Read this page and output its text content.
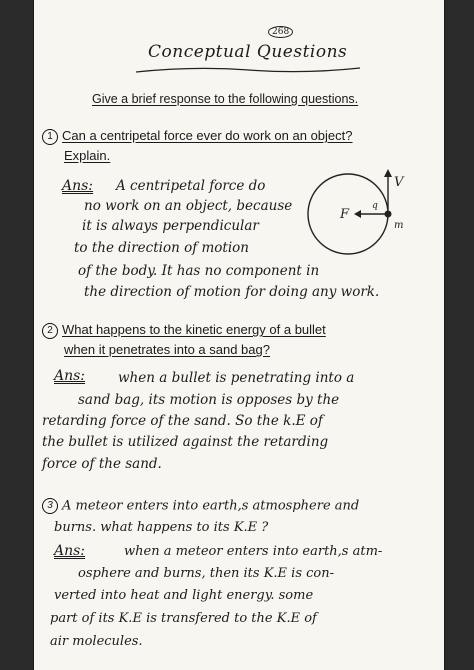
268
Conceptual Questions
Give a brief response to the following questions.
1 Can a centripetal force ever do work on an object?
Explain.
Ans: A centripetal force do
no work on an object, because
it is always perpendicular
to the direction of motion
of the body. It has no component in
the direction of motion for doing any work.
F
V
m
q
2 What happens to the kinetic energy of a bullet
when it penetrates into a sand bag?
Ans: when a bullet is penetrating into a
sand bag, its motion is opposes by the
retarding force of the sand. So the k.E of
the bullet is utilized against the retarding
force of the sand.
3 A meteor enters into earth,s atmosphere and
burns. what happens to its K.E ?
Ans:	when a meteor enters into earth,s atm-
osphere and burns, then its K.E is con-
verted into heat and light energy. some
part of its K.E is transfered to the K.E of
air molecules.
